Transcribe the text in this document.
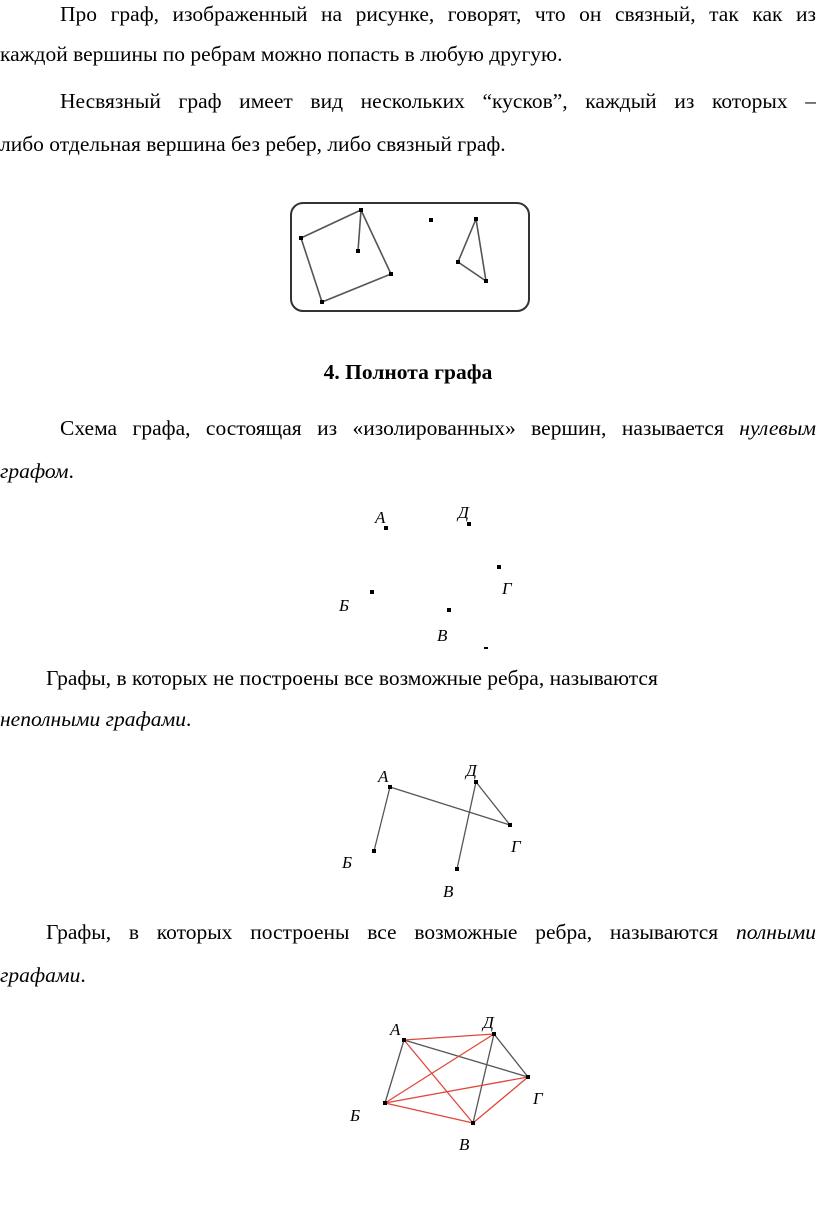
Про граф, изображенный на рисунке, говорят, что он связный, так как из

каждой вершины по ребрам можно попасть в любую другую.

Несвязный граф имеет вид нескольких “кусков”, каждый из которых –

либо отдельная вершина без ребер, либо связный граф.

4. Полнота графа

Схема графа, состоящая из «изолированных» вершин, называется нулевым

графом.

А	Д
Г
Б
В

Графы, в которых не построены все возможные ребра, называются

неполными графами.

А	Д
Г
Б
В

Графы, в которых построены все возможные ребра, называются полными

графами.

А	Д
Г
Б
В
